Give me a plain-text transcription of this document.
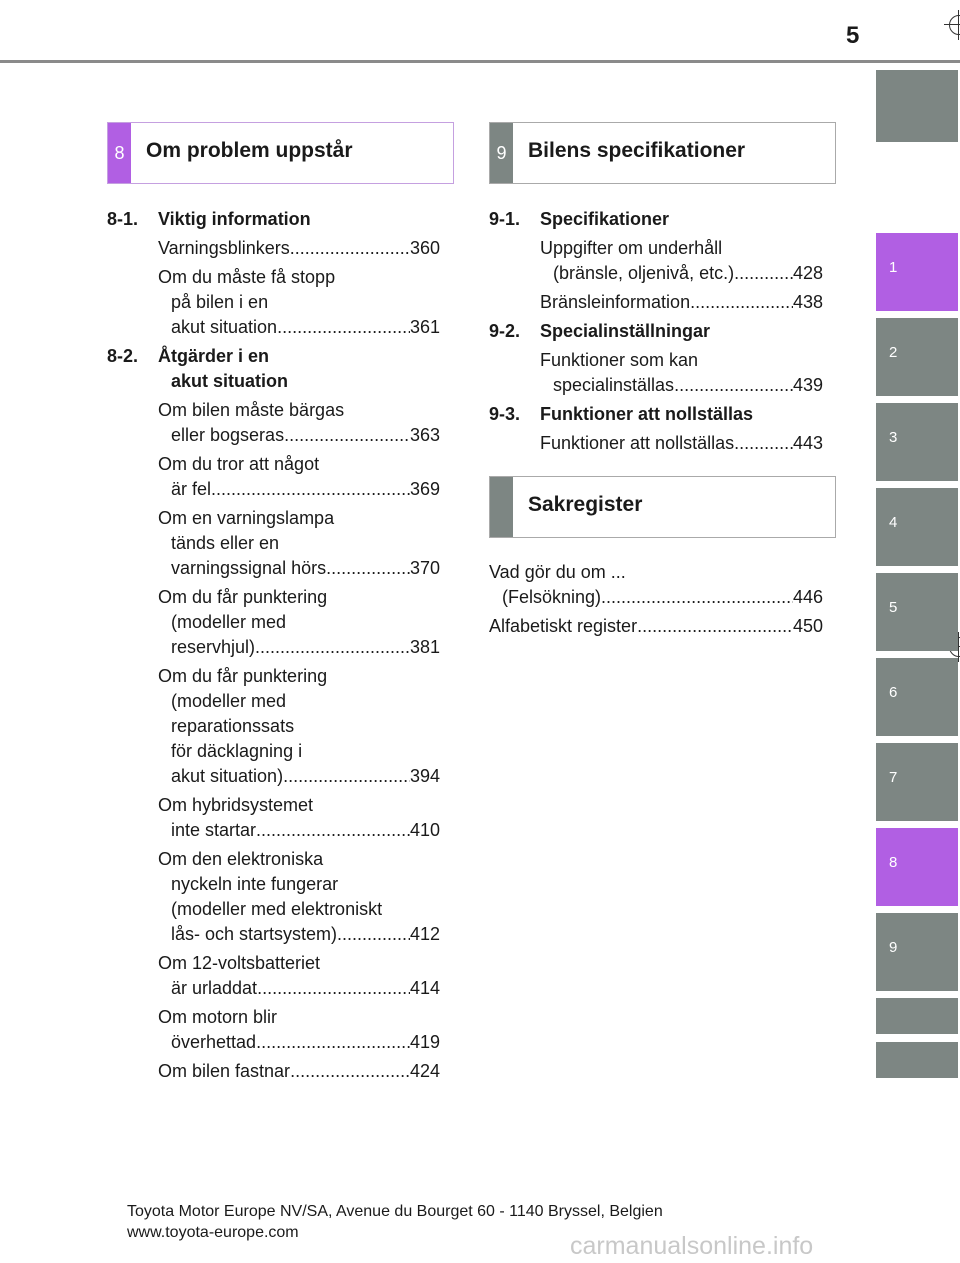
5
1
2
3
4
5
6
7
8
9
8	Om problem uppstår	9	Bilens specifikationer
Sakregister
8-1. Viktig information
Varningsblinkers .....	360
Om du måste få stopp
på bilen i en
akut situation .....	361
8-2. Åtgärder i en
akut situation
Om bilen måste bärgas
eller bogseras .....	363
Om du tror att något
är fel .....	369
Om en varningslampa
tänds eller en
varningssignal hörs .....	370
Om du får punktering
(modeller med
reservhjul) .....	381
Om du får punktering
(modeller med
reparationssats
för däcklagning i
akut situation) .....	394
Om hybridsystemet
inte startar .....	410
Om den elektroniska
nyckeln inte fungerar
(modeller med elektroniskt
lås- och startsystem) .....	412
Om 12-voltsbatteriet
är urladdat .....	414
Om motorn blir
överhettad .....	419
Om bilen fastnar .....	424
9-1. Specifikationer
Uppgifter om underhåll
(bränsle, oljenivå, etc.) .....	428
Bränsleinformation .....	438
9-2. Specialinställningar
Funktioner som kan
specialinställas .....	439
9-3. Funktioner att nollställas
Funktioner att nollställas .....	443
Vad gör du om ...
(Felsökning) .....	446
Alfabetiskt register .....	450
Toyota Motor Europe NV/SA, Avenue du Bourget 60 - 1140 Bryssel, Belgien
www.toyota-europe.com	carmanualsonline.info
